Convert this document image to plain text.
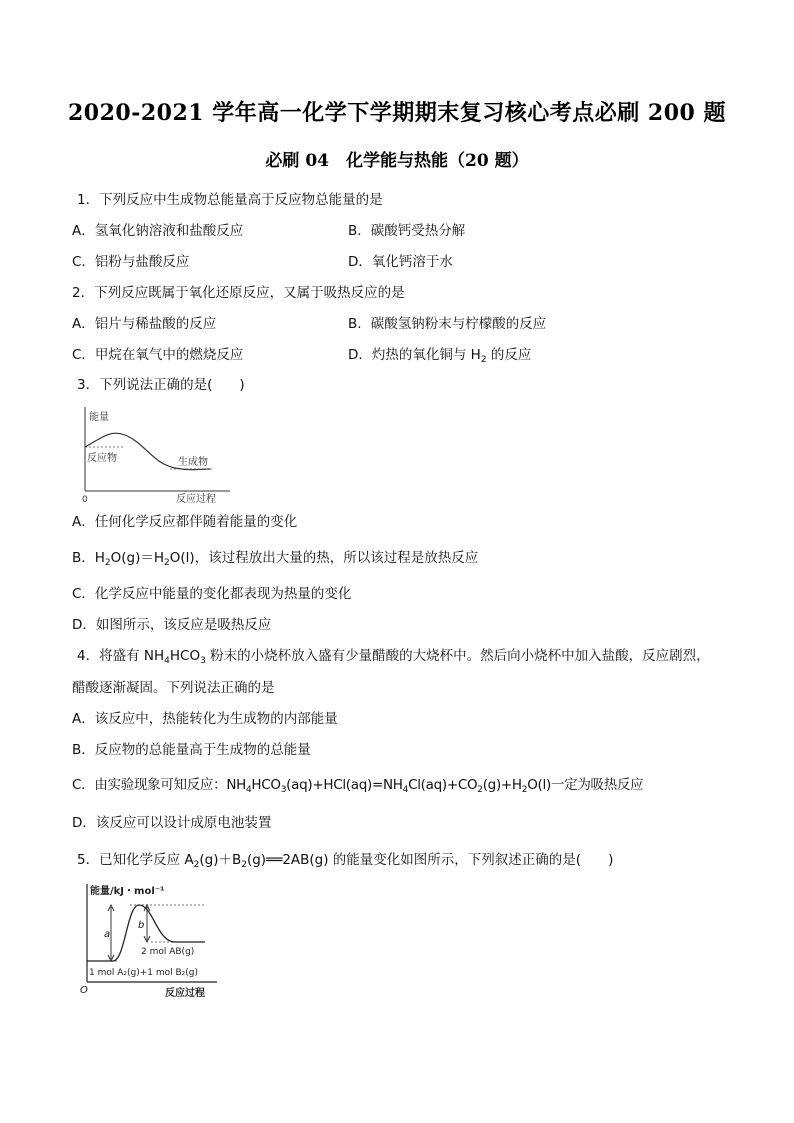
2020-2021 学年高一化学下学期期末复习核心考点必刷 200 题
必刷 04　化学能与热能（20 题）
1．下列反应中生成物总能量高于反应物总能量的是
A．氢氧化钠溶液和盐酸反应	B．碳酸钙受热分解
C．铝粉与盐酸反应	D．氧化钙溶于水
2．下列反应既属于氧化还原反应，又属于吸热反应的是
A．铝片与稀盐酸的反应	B．碳酸氢钠粉末与柠檬酸的反应
C．甲烷在氧气中的燃烧反应	D．灼热的氧化铜与 $H_2$ 的反应
3．下列说法正确的是(　　)
能量
反应物	生成物
0	反应过程
A．任何化学反应都伴随着能量的变化
B．$H_2O(g)=H_2O(l)$，该过程放出大量的热，所以该过程是放热反应
C．化学反应中能量的变化都表现为热量的变化
D．如图所示，该反应是吸热反应
4．将盛有 $NH_4HCO_3$ 粉末的小烧杯放入盛有少量醋酸的大烧杯中。然后向小烧杯中加入盐酸，反应剧烈，
醋酸逐渐凝固。下列说法正确的是
A．该反应中，热能转化为生成物的内部能量
B．反应物的总能量高于生成物的总能量
C．由实验现象可知反应：$NH_4HCO_3(aq)+HCl(aq)=NH_4Cl(aq)+CO_2(g)+H_2O(l)$一定为吸热反应
D．该反应可以设计成原电池装置
5．已知化学反应 $A_2(g)+B_2(g)══2AB(g)$ 的能量变化如图所示，下列叙述正确的是(　　)
能量/kJ・mol⁻¹
a
b
2 mol AB(g)
1 mol A₂(g)+1 mol B₂(g)
O	反应过程
